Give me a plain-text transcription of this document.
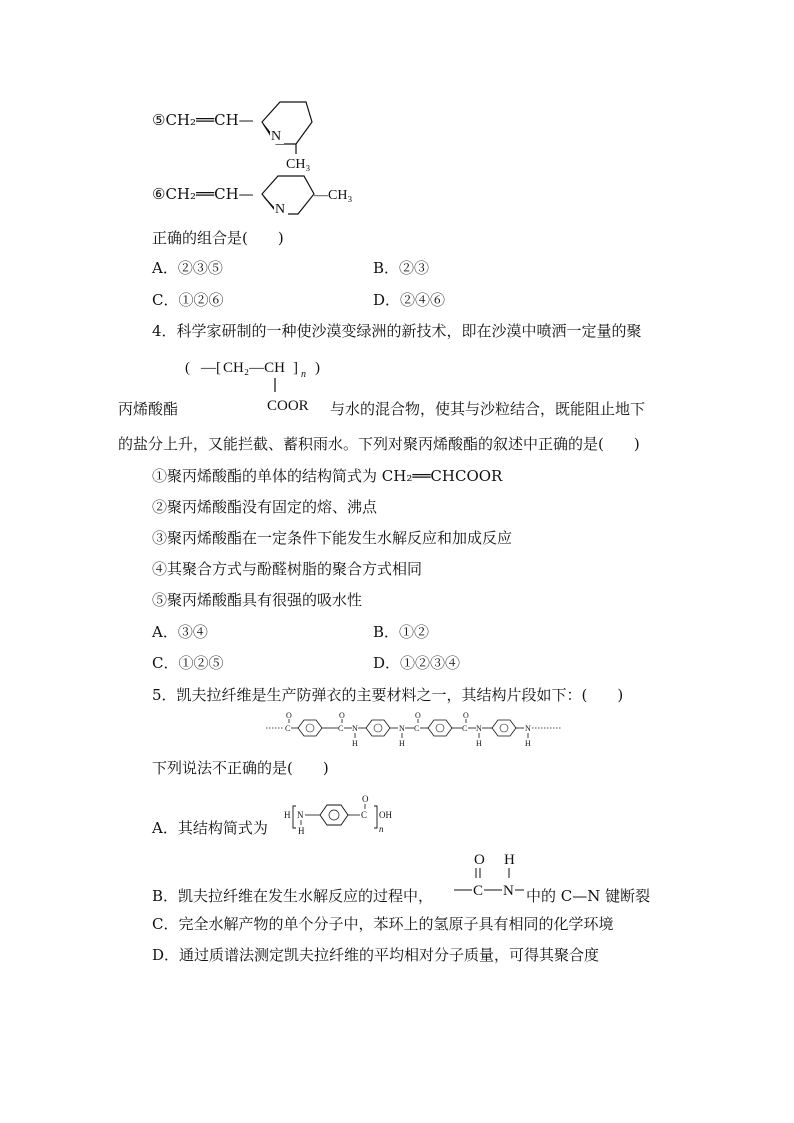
⑤CH₂══CH—
N
CH₃
⑥CH₂══CH—
N
—CH₃
正确的组合是(　　)
A．②③⑤	B．②③
C．①②⑥	D．②④⑥
4．科学家研制的一种使沙漠变绿洲的新技术，即在沙漠中喷洒一定量的聚
( —[ CH₂—CH ] n )
COOR
丙烯酸酯	与水的混合物，使其与沙粒结合，既能阻止地下
的盐分上升，又能拦截、蓄积雨水。下列对聚丙烯酸酯的叙述中正确的是(　　)
①聚丙烯酸酯的单体的结构简式为 CH₂══CHCOOR
②聚丙烯酸酯没有固定的熔、沸点
③聚丙烯酸酯在一定条件下能发生水解反应和加成反应
④其聚合方式与酚醛树脂的聚合方式相同
⑤聚丙烯酸酯具有很强的吸水性
A．③④	B．①②
C．①②⑤	D．①②③④
5．凯夫拉纤维是生产防弹衣的主要材料之一，其结构片段如下：(　　)
O
C
O
C N
H
N
H
O
C
O
C N
H
N
H
下列说法不正确的是(　　)
A．其结构简式为
H N
H
O
C OH
n
B．凯夫拉纤维在发生水解反应的过程中，
O H
C N 中的 C—N 键断裂
C．完全水解产物的单个分子中，苯环上的氢原子具有相同的化学环境
D．通过质谱法测定凯夫拉纤维的平均相对分子质量，可得其聚合度
